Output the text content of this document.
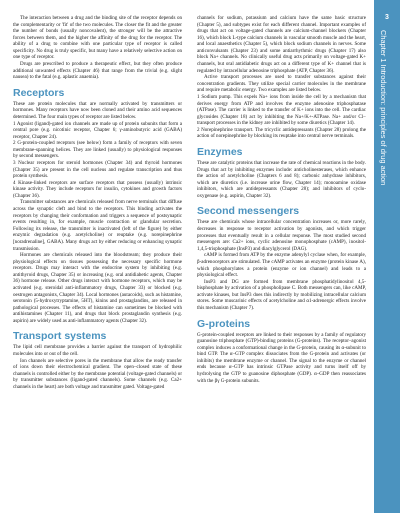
The interaction between a drug and the binding site of the receptor depends on the complementarity or 'fit' of the two molecules. The closer the fit and the greater the number of bonds (usually noncovalent), the stronger will be the attractive forces between them, and the higher the affinity of the drug for the receptor. The ability of a drug to combine with one particular type of receptor is called specificity. No drug is truly specific, but many have a relatively selective action on one type of receptor.

Drugs are prescribed to produce a therapeutic effect, but they often produce additional unwanted effects (Chapter 46) that range from the trivial (e.g. slight nausea) to the fatal (e.g. aplastic anaemia).

Receptors

These are protein molecules that are normally activated by transmitters or hormones. Many receptors have now been cloned and their amino acid sequences determined. The four main types of receptor are listed below.

1 Agonist (ligand)-gated ion channels are made up of protein subunits that form a central pore (e.g. nicotinic receptor, Chapter 6; γ-aminobutyric acid (GABA) receptor, Chapter 24).

2 G-protein-coupled receptors (see below) form a family of receptors with seven membrane-spanning helices. They are linked (usually) to physiological responses by second messengers.

3 Nuclear receptors for steroid hormones (Chapter 34) and thyroid hormones (Chapter 35) are present in the cell nucleus and regulate transcription and thus protein synthesis.

4 Kinase-linked receptors are surface receptors that possess (usually) intrinsic kinase activity. They include receptors for insulin, cytokines and growth factors (Chapter 36).

Transmitter substances are chemicals released from nerve terminals that diffuse across the synaptic cleft and bind to the receptors. This binding activates the receptors by changing their conformation and triggers a sequence of postsynaptic events resulting in, for example, muscle contraction or glandular secretion. Following its release, the transmitter is inactivated (left of the figure) by either enzymic degradation (e.g. acetylcholine) or reuptake (e.g. norepinephrine [noradrenaline], GABA). Many drugs act by either reducing or enhancing synaptic transmission.

Hormones are chemicals released into the bloodstream; they produce their physiological effects on tissues possessing the necessary specific hormone receptors. Drugs may interact with the endocrine system by inhibiting (e.g. antithyroid drugs, Chapter 35) or increasing (e.g. oral antidiabetic agents, Chapter 36) hormone release. Other drugs interact with hormone receptors, which may be activated (e.g. steroidal anti-inflammatory drugs, Chapter 33) or blocked (e.g. oestrogen antagonists, Chapter 34). Local hormones (autacoids), such as histamine, serotonin (5-hydroxytryptamine, 5HT), kinins and prostaglandins, are released in pathological processes. The effects of histamine can sometimes be blocked with antihistamines (Chapter 11), and drugs that block prostaglandin synthesis (e.g. aspirin) are widely used as anti-inflammatory agents (Chapter 32).

Transport systems

The lipid cell membrane provides a barrier against the transport of hydrophilic molecules into or out of the cell.

Ion channels are selective pores in the membrane that allow the ready transfer of ions down their electrochemical gradient. The open–closed state of these channels is controlled either by the membrane potential (voltage-gated channels) or by transmitter substances (ligand-gated channels). Some channels (e.g. Ca2+ channels in the heart) are both voltage and transmitter gated. Voltage-gated

channels for sodium, potassium and calcium have the same basic structure (Chapter 5), and subtypes exist for each different channel. Important examples of drugs that act on voltage-gated channels are calcium-channel blockers (Chapter 16), which block L-type calcium channels in vascular smooth muscle and the heart, and local anaesthetics (Chapter 5), which block sodium channels in nerves. Some anticonvulsants (Chapter 23) and some antiarrhythmic drugs (Chapter 17) also block Na+ channels. No clinically useful drug acts primarily on voltage-gated K+ channels, but oral antidiabetic drugs act on a different type of K+ channel that is regulated by intracellular adenosine triphosphate (ATP, Chapter 36).

Active transport processes are used to transfer substances against their concentration gradients. They utilize special carrier molecules in the membrane and require metabolic energy. Two examples are listed below.

1 Sodium pump. This expels Na+ ions from inside the cell by a mechanism that derives energy from ATP and involves the enzyme adenosine triphosphatase (ATPase). The carrier is linked to the transfer of K+ ions into the cell. The cardiac glycosides (Chapter 18) act by inhibiting the Na+/K+-ATPase. Na+ and/or Cl− transport processes in the kidney are inhibited by some diuretics (Chapter 14).

2 Norepinephrine transport. The tricyclic antidepressants (Chapter 28) prolong the action of norepinephrine by blocking its reuptake into central nerve terminals.

Enzymes

These are catalytic proteins that increase the rate of chemical reactions in the body. Drugs that act by inhibiting enzymes include: anticholinesterases, which enhance the action of acetylcholine (Chapters 6 and 8); carbonic anhydrase inhibitors, which are diuretics (i.e. increase urine flow, Chapter 14); monoamine oxidase inhibitors, which are antidepressants (Chapter 28); and inhibitors of cyclo-oxygenase (e.g. aspirin, Chapter 32).

Second messengers

These are chemicals whose intracellular concentration increases or, more rarely, decreases in response to receptor activation by agonists, and which trigger processes that eventually result in a cellular response. The most studied second messengers are: Ca2+ ions, cyclic adenosine monophosphate (cAMP), inositol-1,4,5-trisphosphate (InsP3) and diacylglycerol (DAG).

cAMP is formed from ATP by the enzyme adenylyl cyclase when, for example, β-adrenoceptors are stimulated. The cAMP activates an enzyme (protein kinase A), which phosphorylates a protein (enzyme or ion channel) and leads to a physiological effect.

InsP3 and DG are formed from membrane phosphatidylinositol 4,5-bisphosphate by activation of a phospholipase C. Both messengers can, like cAMP, activate kinases, but InsP3 does this indirectly by mobilizing intracellular calcium stores. Some muscarinic effects of acetylcholine and α1-adrenergic effects involve this mechanism (Chapter 7).

G-proteins

G-protein-coupled receptors are linked to their responses by a family of regulatory guanosine triphosphate (GTP)-binding proteins (G-proteins). The receptor–agonist complex induces a conformational change in the G-protein, causing its α-subunit to bind GTP. The α–GTP complex dissociates from the G-protein and activates (or inhibits) the membrane enzyme or channel. The signal to the enzyme or channel ends because α–GTP has intrinsic GTPase activity and turns itself off by hydrolysing the GTP to guanosine diphosphate (GDP). α–GDP then reassociates with the βγ G-protein subunits.

3
Chapter 1 Introduction: principles of drug action
